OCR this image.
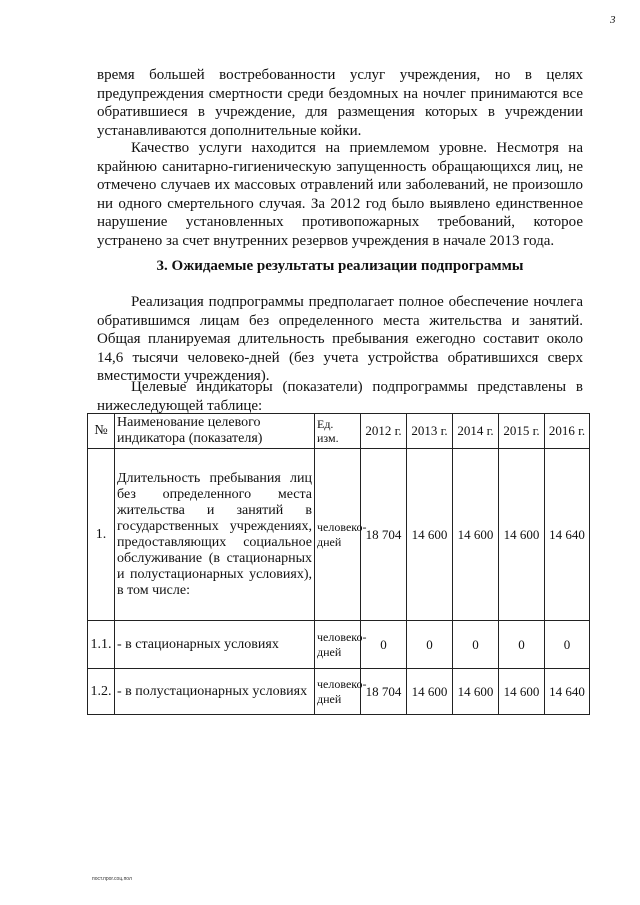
3

время большей востребованности услуг учреждения, но в целях предупреждения смертности среди бездомных на ночлег принимаются все обратившиеся в учреждение, для размещения которых в учреждении устанавливаются дополнительные койки.

Качество услуги находится на приемлемом уровне. Несмотря на крайнюю санитарно-гигиеническую запущенность обращающихся лиц, не отмечено случаев их массовых отравлений или заболеваний, не произошло ни одного смертельного случая. За 2012 год было выявлено единственное нарушение установленных противопожарных требований, которое устранено за счет внутренних резервов учреждения в начале 2013 года.

3. Ожидаемые результаты реализации подпрограммы

Реализация подпрограммы предполагает полное обеспечение ночлега обратившимся лицам без определенного места жительства и занятий. Общая планируемая длительность пребывания ежегодно составит около 14,6 тысячи человеко-дней (без учета устройства обратившихся сверх вместимости учреждения).

Целевые индикаторы (показатели) подпрограммы представлены в нижеследующей таблице:

№	Наименование целевого индикатора (показателя)	Ед. изм.	2012 г.	2013 г.	2014 г.	2015 г.	2016 г.
1.	Длительность пребывания лиц без определенного места жительства и занятий в государственных учреждениях, предоставляющих социальное обслуживание (в стационарных и полустационарных условиях), в том числе:	человеко-дней	18 704	14 600	14 600	14 600	14 640
1.1.	- в стационарных условиях	человеко-дней	0	0	0	0	0
1.2.	- в полустационарных условиях	человеко-дней	18 704	14 600	14 600	14 600	14 640
пост.прог.соц.пол
